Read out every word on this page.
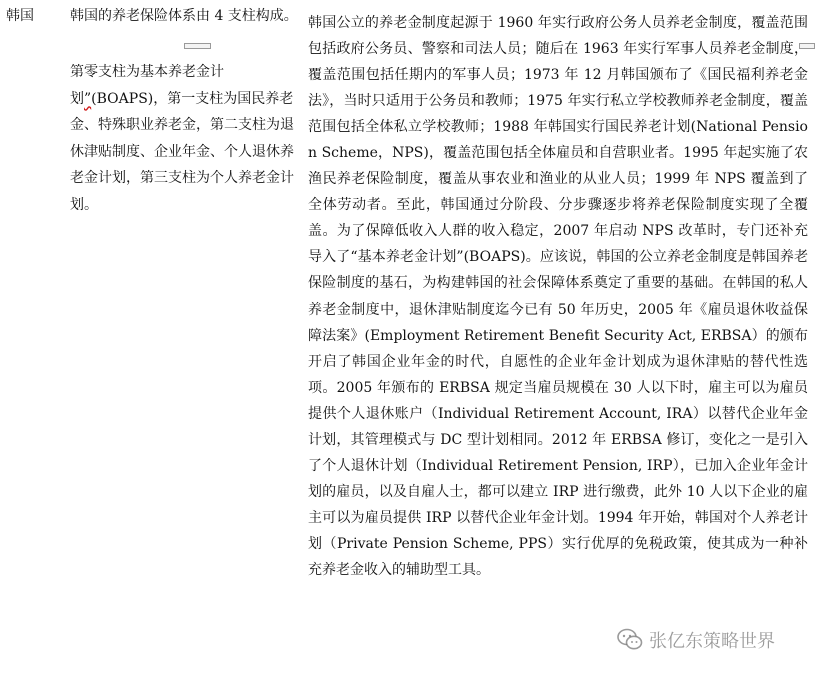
韩国	韩国的养老保险体系由 4 支柱构成。

第零支柱为基本养老金计划”(BOAPS)，第一支柱为国民养老金、特殊职业养老金，第二支柱为退休津贴制度、企业年金、个人退休养老金计划，第三支柱为个人养老金计划。

韩国公立的养老金制度起源于 1960 年实行政府公务人员养老金制度，覆盖范围包括政府公务员、警察和司法人员；随后在 1963 年实行军事人员养老金制度，覆盖范围包括任期内的军事人员；1973 年 12 月韩国颁布了《国民福利养老金法》，当时只适用于公务员和教师；1975 年实行私立学校教师养老金制度，覆盖范围包括全体私立学校教师；1988 年韩国实行国民养老计划(National Pension Scheme，NPS)，覆盖范围包括全体雇员和自营职业者。1995 年起实施了农渔民养老保险制度，覆盖从事农业和渔业的从业人员；1999 年 NPS 覆盖到了全体劳动者。至此，韩国通过分阶段、分步骤逐步将养老保险制度实现了全覆盖。为了保障低收入人群的收入稳定，2007 年启动 NPS 改革时，专门还补充导入了“基本养老金计划”(BOAPS)。应该说，韩国的公立养老金制度是韩国养老保险制度的基石，为构建韩国的社会保障体系奠定了重要的基础。在韩国的私人养老金制度中，退休津贴制度迄今已有 50 年历史，2005 年《雇员退休收益保障法案》(Employment Retirement Benefit Security Act, ERBSA）的颁布开启了韩国企业年金的时代，自愿性的企业年金计划成为退休津贴的替代性选项。2005 年颁布的 ERBSA 规定当雇员规模在 30 人以下时，雇主可以为雇员提供个人退休账户（Individual Retirement Account, IRA）以替代企业年金计划，其管理模式与 DC 型计划相同。2012 年 ERBSA 修订，变化之一是引入了个人退休计划（Individual Retirement Pension, IRP），已加入企业年金计划的雇员，以及自雇人士，都可以建立 IRP 进行缴费，此外 10 人以下企业的雇主可以为雇员提供 IRP 以替代企业年金计划。1994 年开始，韩国对个人养老计划（Private Pension Scheme, PPS）实行优厚的免税政策，使其成为一种补充养老金收入的辅助型工具。

张亿东策略世界
